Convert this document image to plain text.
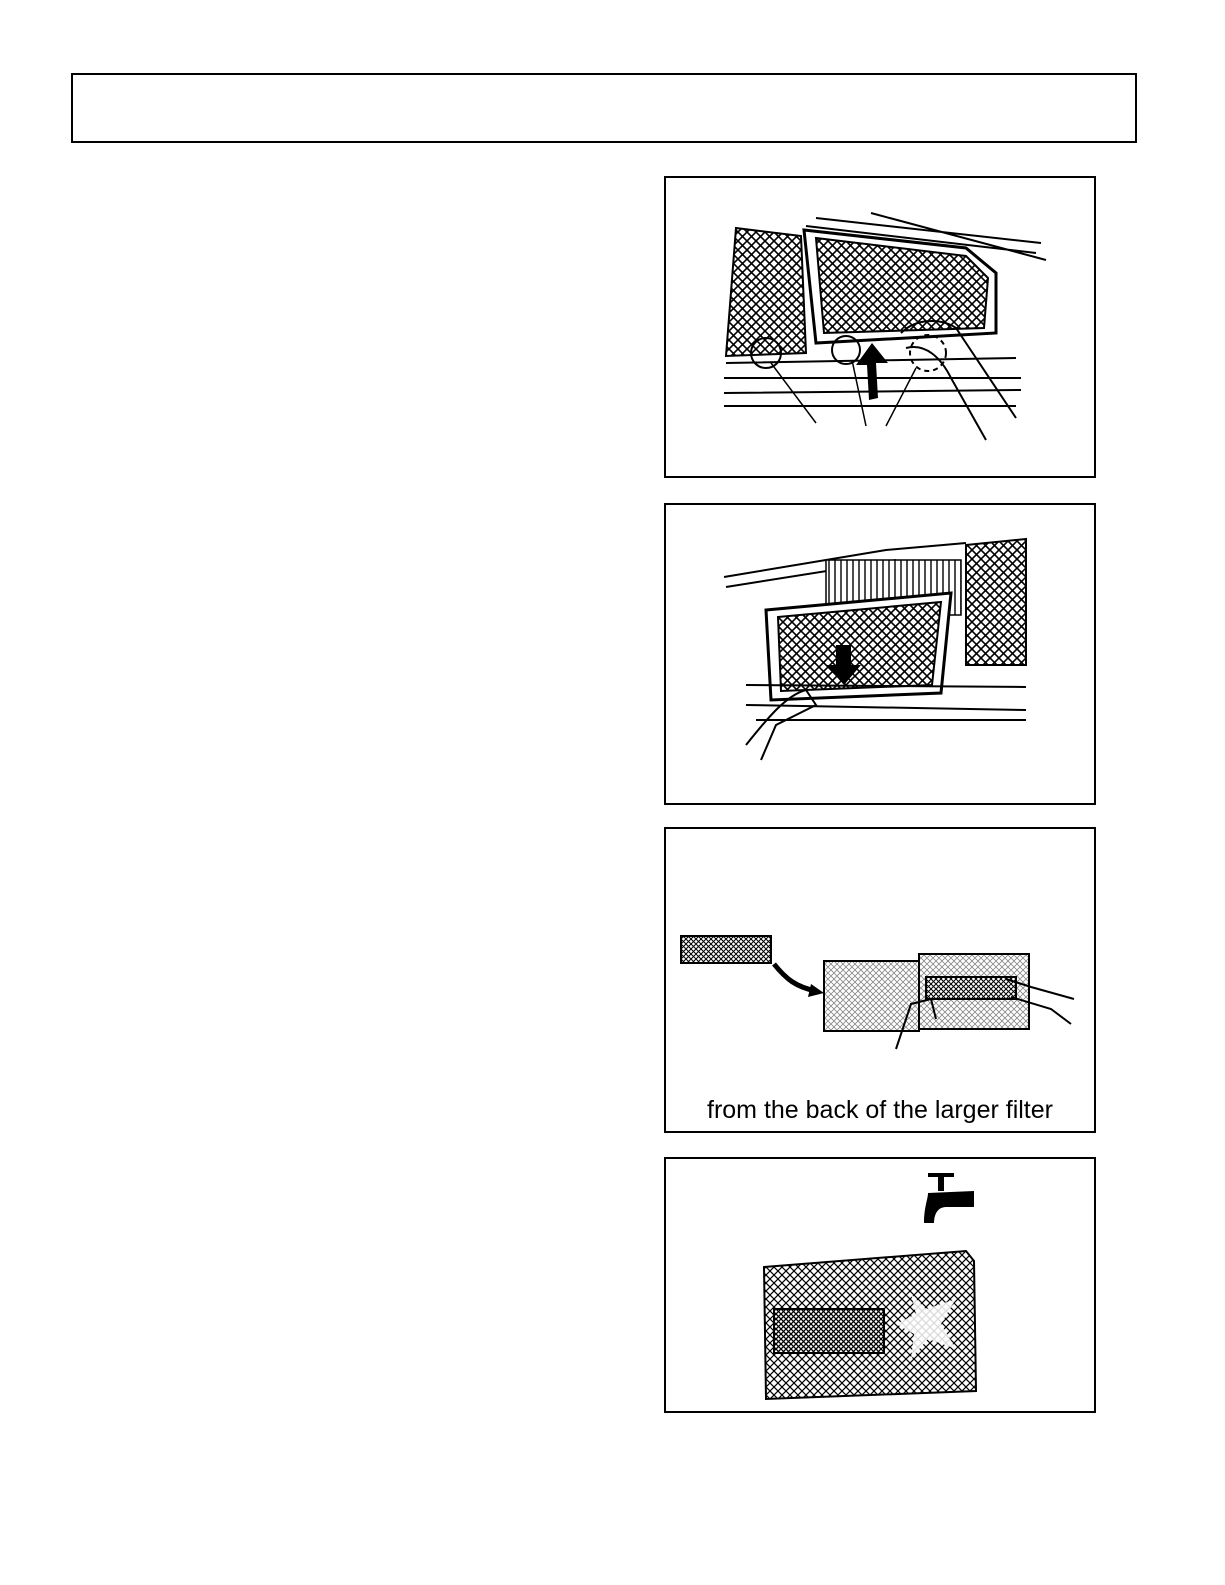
from the back of the larger filter
